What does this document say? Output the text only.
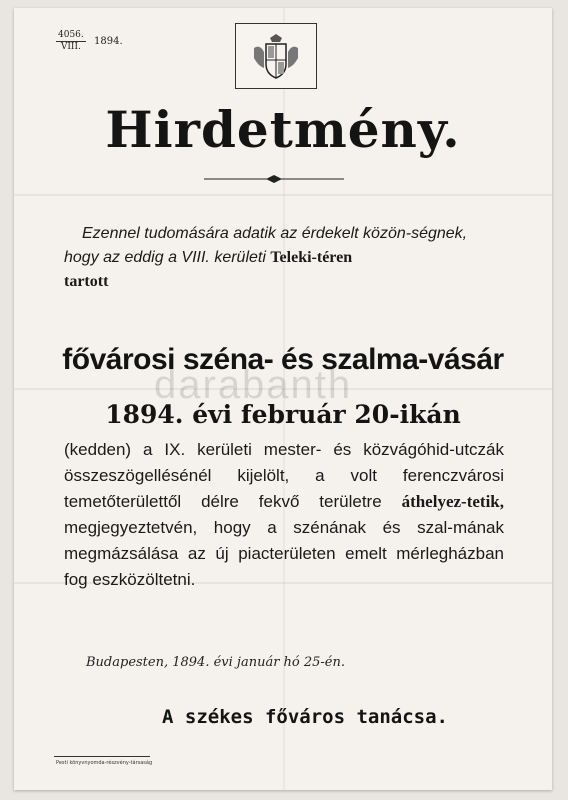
4056.
VIII.	1894.
Hirdetmény.
Ezennel tudomására adatik az érdekelt közön-ségnek, hogy az eddig a VIII. kerületi Teleki-téren
tartott
fővárosi széna- és szalma-vásár
1894. évi február 20-ikán
(kedden) a IX. kerületi mester- és közvágóhid-utczák összeszögellésénél kijelölt, a volt ferenczvárosi temetőterülettől délre fekvő területre áthelyez-tetik, megjegyeztetvén, hogy a szénának és szal-mának megmázsálása az új piacterületen emelt mérlegházban fog eszközöltetni.
Budapesten, 1894. évi január hó 25-én.
A székes főváros tanácsa.
Pesti könyvnyomda-részvény-társaság
darabanth
